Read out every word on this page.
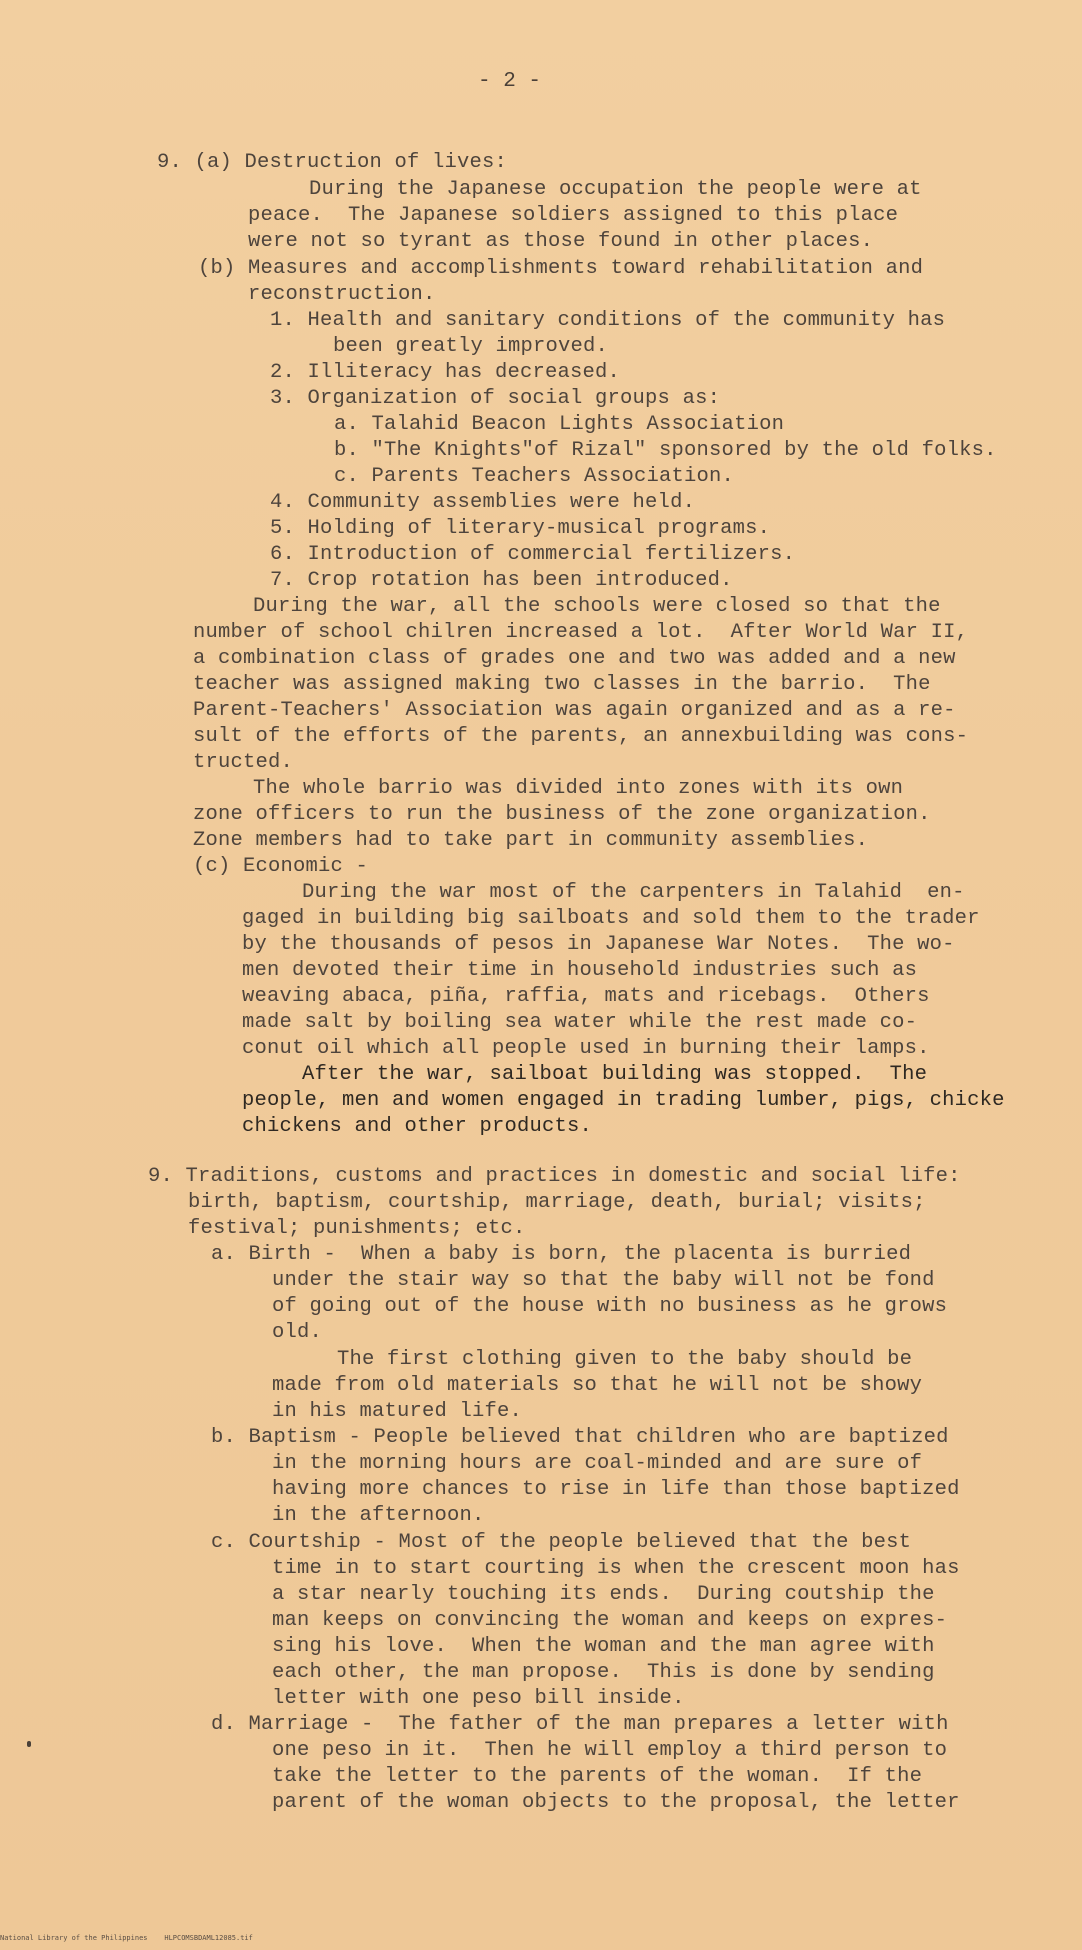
- 2 -
9. (a) Destruction of lives:
During the Japanese occupation the people were at
peace.  The Japanese soldiers assigned to this place
were not so tyrant as those found in other places.
(b) Measures and accomplishments toward rehabilitation and
reconstruction.
1. Health and sanitary conditions of the community has
been greatly improved.
2. Illiteracy has decreased.
3. Organization of social groups as:
a. Talahid Beacon Lights Association
b. "The Knights"of Rizal" sponsored by the old folks.
c. Parents Teachers Association.
4. Community assemblies were held.
5. Holding of literary-musical programs.
6. Introduction of commercial fertilizers.
7. Crop rotation has been introduced.
During the war, all the schools were closed so that the
number of school chilren increased a lot.  After World War II,
a combination class of grades one and two was added and a new
teacher was assigned making two classes in the barrio.  The
Parent-Teachers' Association was again organized and as a re-
sult of the efforts of the parents, an annexbuilding was cons-
tructed.
The whole barrio was divided into zones with its own
zone officers to run the business of the zone organization.
Zone members had to take part in community assemblies.
(c) Economic -
During the war most of the carpenters in Talahid  en-
gaged in building big sailboats and sold them to the trader
by the thousands of pesos in Japanese War Notes.  The wo-
men devoted their time in household industries such as
weaving abaca, piña, raffia, mats and ricebags.  Others
made salt by boiling sea water while the rest made co-
conut oil which all people used in burning their lamps.
After the war, sailboat building was stopped.  The
people, men and women engaged in trading lumber, pigs, chicke
chickens and other products.
9. Traditions, customs and practices in domestic and social life:
birth, baptism, courtship, marriage, death, burial; visits;
festival; punishments; etc.
a. Birth -  When a baby is born, the placenta is burried
under the stair way so that the baby will not be fond
of going out of the house with no business as he grows
old.
The first clothing given to the baby should be
made from old materials so that he will not be showy
in his matured life.
b. Baptism - People believed that children who are baptized
in the morning hours are coal-minded and are sure of
having more chances to rise in life than those baptized
in the afternoon.
c. Courtship - Most of the people believed that the best
time in to start courting is when the crescent moon has
a star nearly touching its ends.  During coutship the
man keeps on convincing the woman and keeps on expres-
sing his love.  When the woman and the man agree with
each other, the man propose.  This is done by sending
letter with one peso bill inside.
d. Marriage -  The father of the man prepares a letter with
one peso in it.  Then he will employ a third person to
take the letter to the parents of the woman.  If the
parent of the woman objects to the proposal, the letter
National Library of the Philippines    HLPCOMSBDAML12085.tif
